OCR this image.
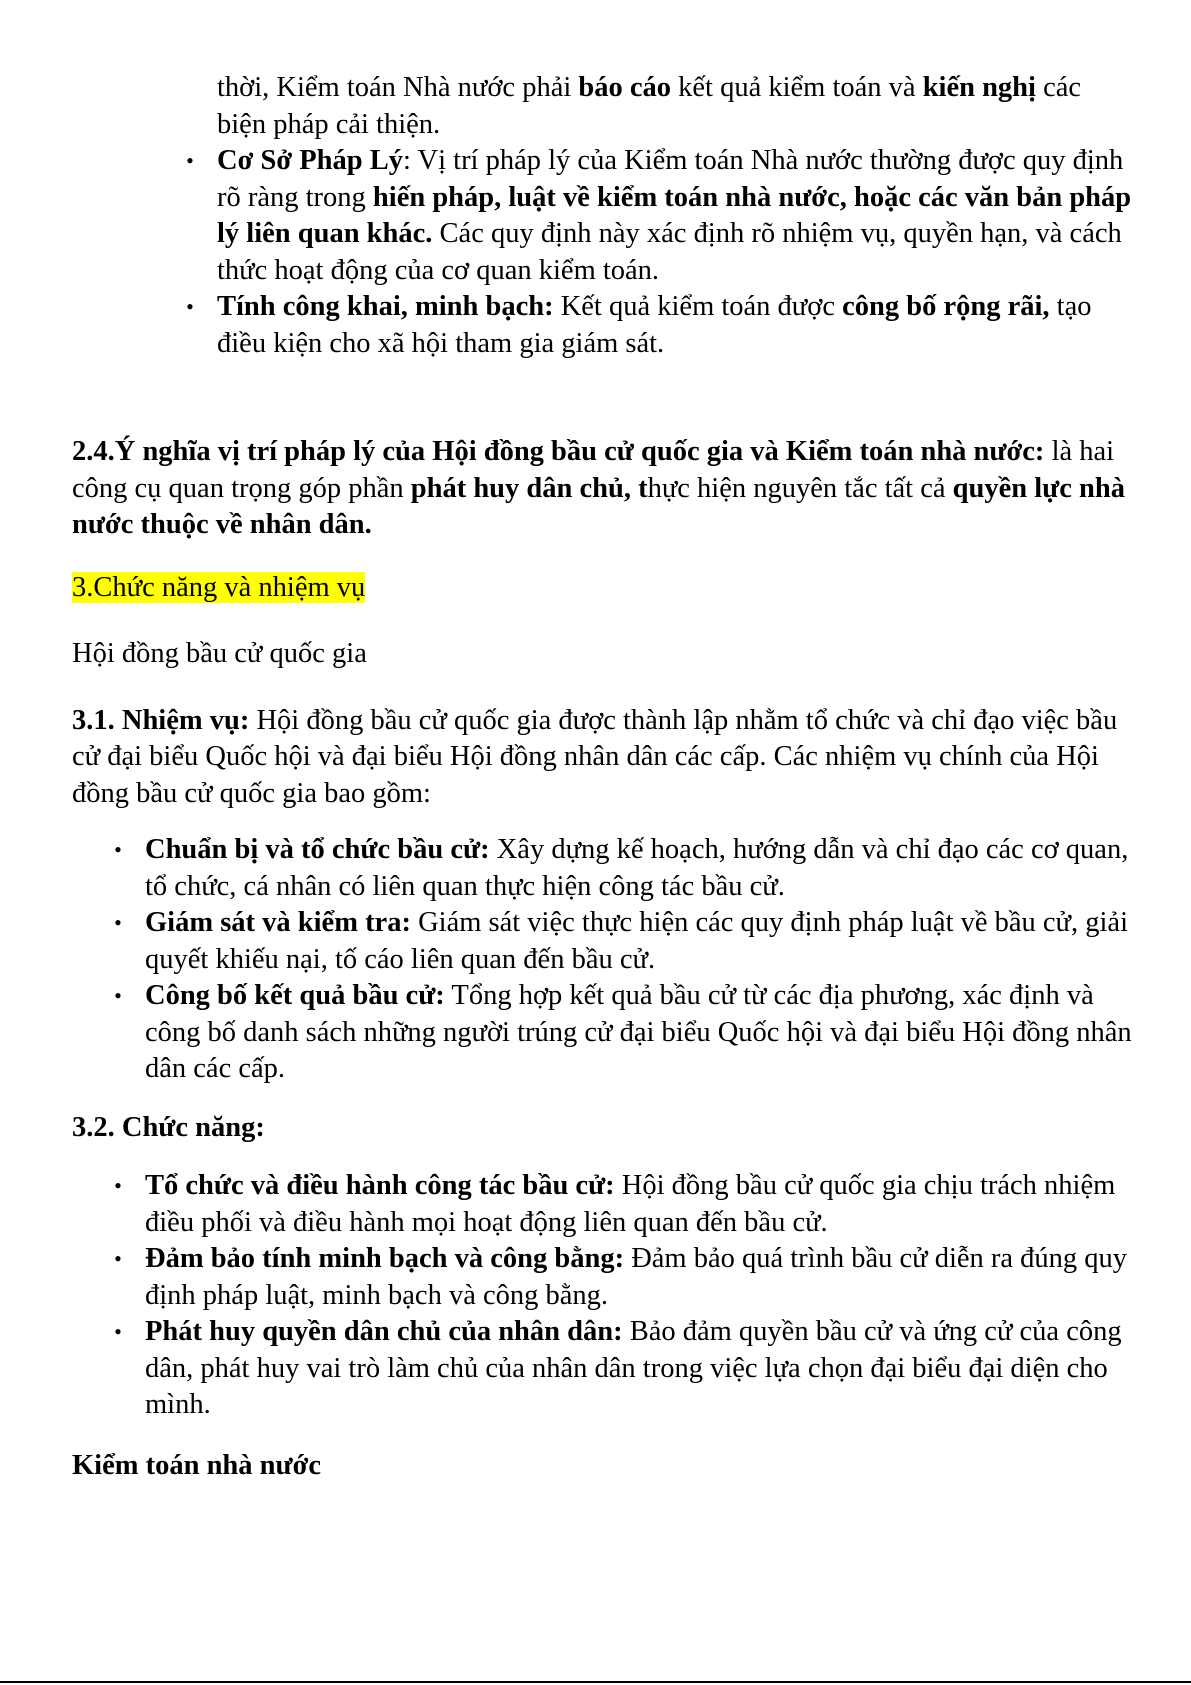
thời, Kiểm toán Nhà nước phải báo cáo kết quả kiểm toán và kiến nghị các biện pháp cải thiện.
• Cơ Sở Pháp Lý: Vị trí pháp lý của Kiểm toán Nhà nước thường được quy định rõ ràng trong hiến pháp, luật về kiểm toán nhà nước, hoặc các văn bản pháp lý liên quan khác. Các quy định này xác định rõ nhiệm vụ, quyền hạn, và cách thức hoạt động của cơ quan kiểm toán.
• Tính công khai, minh bạch: Kết quả kiểm toán được công bố rộng rãi, tạo điều kiện cho xã hội tham gia giám sát.

2.4.Ý nghĩa vị trí pháp lý của Hội đồng bầu cử quốc gia và Kiểm toán nhà nước: là hai công cụ quan trọng góp phần phát huy dân chủ, thực hiện nguyên tắc tất cả quyền lực nhà nước thuộc về nhân dân.

3.Chức năng và nhiệm vụ

Hội đồng bầu cử quốc gia

3.1. Nhiệm vụ: Hội đồng bầu cử quốc gia được thành lập nhằm tổ chức và chỉ đạo việc bầu cử đại biểu Quốc hội và đại biểu Hội đồng nhân dân các cấp. Các nhiệm vụ chính của Hội đồng bầu cử quốc gia bao gồm:

• Chuẩn bị và tổ chức bầu cử: Xây dựng kế hoạch, hướng dẫn và chỉ đạo các cơ quan, tổ chức, cá nhân có liên quan thực hiện công tác bầu cử.
• Giám sát và kiểm tra: Giám sát việc thực hiện các quy định pháp luật về bầu cử, giải quyết khiếu nại, tố cáo liên quan đến bầu cử.
• Công bố kết quả bầu cử: Tổng hợp kết quả bầu cử từ các địa phương, xác định và công bố danh sách những người trúng cử đại biểu Quốc hội và đại biểu Hội đồng nhân dân các cấp.

3.2. Chức năng:

• Tổ chức và điều hành công tác bầu cử: Hội đồng bầu cử quốc gia chịu trách nhiệm điều phối và điều hành mọi hoạt động liên quan đến bầu cử.
• Đảm bảo tính minh bạch và công bằng: Đảm bảo quá trình bầu cử diễn ra đúng quy định pháp luật, minh bạch và công bằng.
• Phát huy quyền dân chủ của nhân dân: Bảo đảm quyền bầu cử và ứng cử của công dân, phát huy vai trò làm chủ của nhân dân trong việc lựa chọn đại biểu đại diện cho mình.

Kiểm toán nhà nước
